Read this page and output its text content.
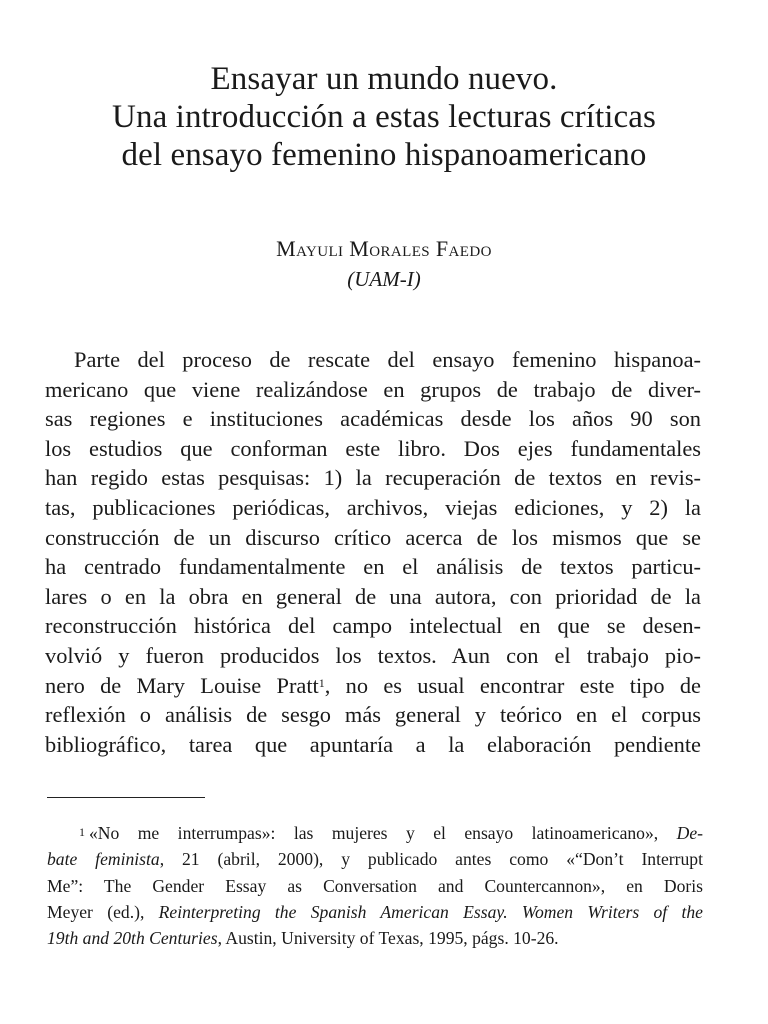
Ensayar un mundo nuevo.
Una introducción a estas lecturas críticas
del ensayo femenino hispanoamericano
Mayuli Morales Faedo
(UAM-I)
Parte del proceso de rescate del ensayo femenino hispanoa-
mericano que viene realizándose en grupos de trabajo de diver-
sas regiones e instituciones académicas desde los años 90 son
los estudios que conforman este libro. Dos ejes fundamentales
han regido estas pesquisas: 1) la recuperación de textos en revis-
tas, publicaciones periódicas, archivos, viejas ediciones, y 2) la
construcción de un discurso crítico acerca de los mismos que se
ha centrado fundamentalmente en el análisis de textos particu-
lares o en la obra en general de una autora, con prioridad de la
reconstrucción histórica del campo intelectual en que se desen-
volvió y fueron producidos los textos. Aun con el trabajo pio-
nero de Mary Louise Pratt$^1$, no es usual encontrar este tipo de
reflexión o análisis de sesgo más general y teórico en el corpus
bibliográfico, tarea que apuntaría a la elaboración pendiente
$^1$ «No me interrumpas»: las mujeres y el ensayo latinoamericano», De-
bate feminista, 21 (abril, 2000), y publicado antes como «“Don’t Interrupt
Me”: The Gender Essay as Conversation and Countercannon», en Doris
Meyer (ed.), Reinterpreting the Spanish American Essay. Women Writers of the
19th and 20th Centuries, Austin, University of Texas, 1995, págs. 10-26.
